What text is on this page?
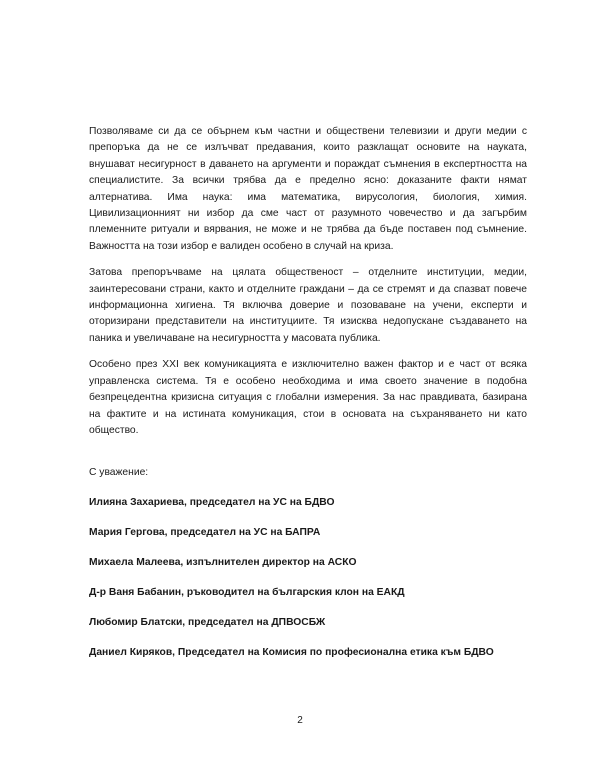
Позволяваме си да се обърнем към частни и обществени телевизии и други медии с препоръка да не се излъчват предавания, които разклащат основите на науката, внушават несигурност в даването на аргументи и пораждат съмнения в експертността на специалистите. За всички трябва да е пределно ясно: доказаните факти нямат алтернатива. Има наука: има математика, вирусология, биология, химия. Цивилизационният ни избор да сме част от разумното човечество и да загърбим племенните ритуали и вярвания, не може и не трябва да бъде поставен под съмнение. Важността на този избор е валиден особено в случай на криза.

Затова препоръчваме на цялата общественост – отделните институции, медии, заинтересовани страни, както и отделните граждани – да се стремят и да спазват повече информационна хигиена. Тя включва доверие и позоваване на учени, експерти и оторизирани представители на институциите. Тя изисква недопускане създаването на паника и увеличаване на несигурността у масовата публика.

Особено през XXI век комуникацията е изключително важен фактор и е част от всяка управленска система. Тя е особено необходима и има своето значение в подобна безпрецедентна кризисна ситуация с глобални измерения. За нас правдивата, базирана на фактите и на истината комуникация, стои в основата на съхраняването ни като общество.

С уважение:

Илияна Захариева, председател на УС на БДВО

Мария Гергова, председател на УС на БАПРА

Михаела Малеева, изпълнителен директор на АСКО

Д-р Ваня Бабанин, ръководител на българския клон на ЕАКД

Любомир Блатски, председател на ДПВОСБЖ

Даниел Киряков, Председател на Комисия по професионална етика към БДВО

2
